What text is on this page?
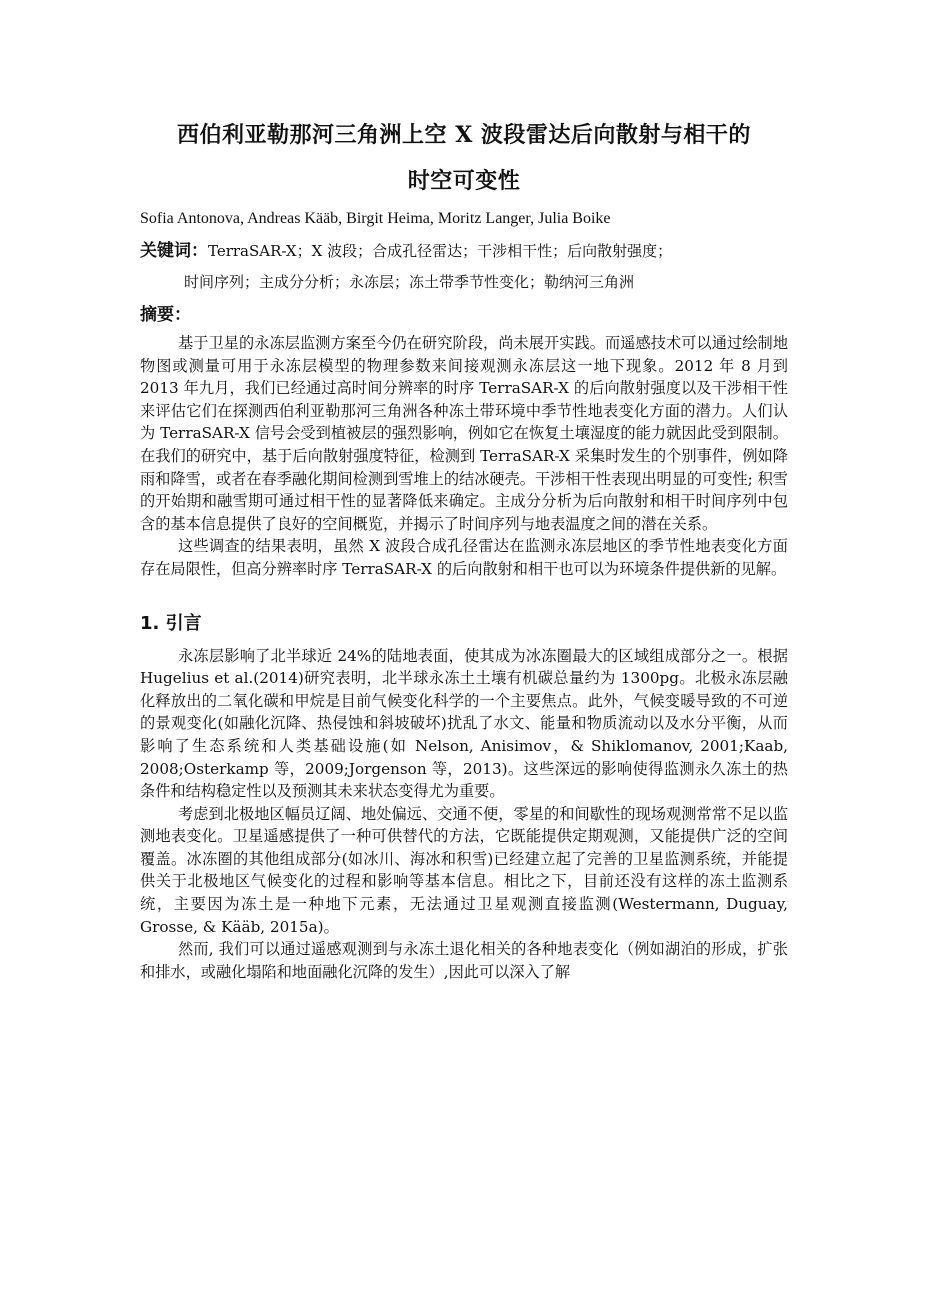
西伯利亚勒那河三角洲上空 X 波段雷达后向散射与相干的
时空可变性
Sofia Antonova, Andreas Kääb, Birgit Heima, Moritz Langer, Julia Boike
关键词：TerraSAR-X；X 波段；合成孔径雷达；干涉相干性；后向散射强度；
时间序列；主成分分析；永冻层；冻土带季节性变化；勒纳河三角洲
摘要：

基于卫星的永冻层监测方案至今仍在研究阶段，尚未展开实践。而遥感技术可以通过绘制地物图或测量可用于永冻层模型的物理参数来间接观测永冻层这一地下现象。2012 年 8 月到 2013 年九月，我们已经通过高时间分辨率的时序 TerraSAR-X 的后向散射强度以及干涉相干性来评估它们在探测西伯利亚勒那河三角洲各种冻土带环境中季节性地表变化方面的潜力。人们认为 TerraSAR-X 信号会受到植被层的强烈影响，例如它在恢复土壤湿度的能力就因此受到限制。在我们的研究中，基于后向散射强度特征，检测到 TerraSAR-X 采集时发生的个别事件，例如降雨和降雪，或者在春季融化期间检测到雪堆上的结冰硬壳。干涉相干性表现出明显的可变性; 积雪的开始期和融雪期可通过相干性的显著降低来确定。主成分分析为后向散射和相干时间序列中包含的基本信息提供了良好的空间概览，并揭示了时间序列与地表温度之间的潜在关系。

这些调查的结果表明，虽然 X 波段合成孔径雷达在监测永冻层地区的季节性地表变化方面存在局限性，但高分辨率时序 TerraSAR-X 的后向散射和相干也可以为环境条件提供新的见解。

1. 引言

永冻层影响了北半球近 24%的陆地表面，使其成为冰冻圈最大的区域组成部分之一。根据 Hugelius et al.(2014)研究表明，北半球永冻土土壤有机碳总量约为 1300pg。北极永冻层融化释放出的二氧化碳和甲烷是目前气候变化科学的一个主要焦点。此外，气候变暖导致的不可逆的景观变化(如融化沉降、热侵蚀和斜坡破坏)扰乱了水文、能量和物质流动以及水分平衡，从而影响了生态系统和人类基础设施(如 Nelson, Anisimov，& Shiklomanov, 2001;Kaab, 2008;Osterkamp 等，2009;Jorgenson 等，2013)。这些深远的影响使得监测永久冻土的热条件和结构稳定性以及预测其未来状态变得尤为重要。

考虑到北极地区幅员辽阔、地处偏远、交通不便，零星的和间歇性的现场观测常常不足以监测地表变化。卫星遥感提供了一种可供替代的方法，它既能提供定期观测，又能提供广泛的空间覆盖。冰冻圈的其他组成部分(如冰川、海冰和积雪)已经建立起了完善的卫星监测系统，并能提供关于北极地区气候变化的过程和影响等基本信息。相比之下，目前还没有这样的冻土监测系统，主要因为冻土是一种地下元素，无法通过卫星观测直接监测(Westermann, Duguay, Grosse, & Kääb, 2015a)。

然而, 我们可以通过遥感观测到与永冻土退化相关的各种地表变化（例如湖泊的形成，扩张和排水，或融化塌陷和地面融化沉降的发生）,因此可以深入了解
